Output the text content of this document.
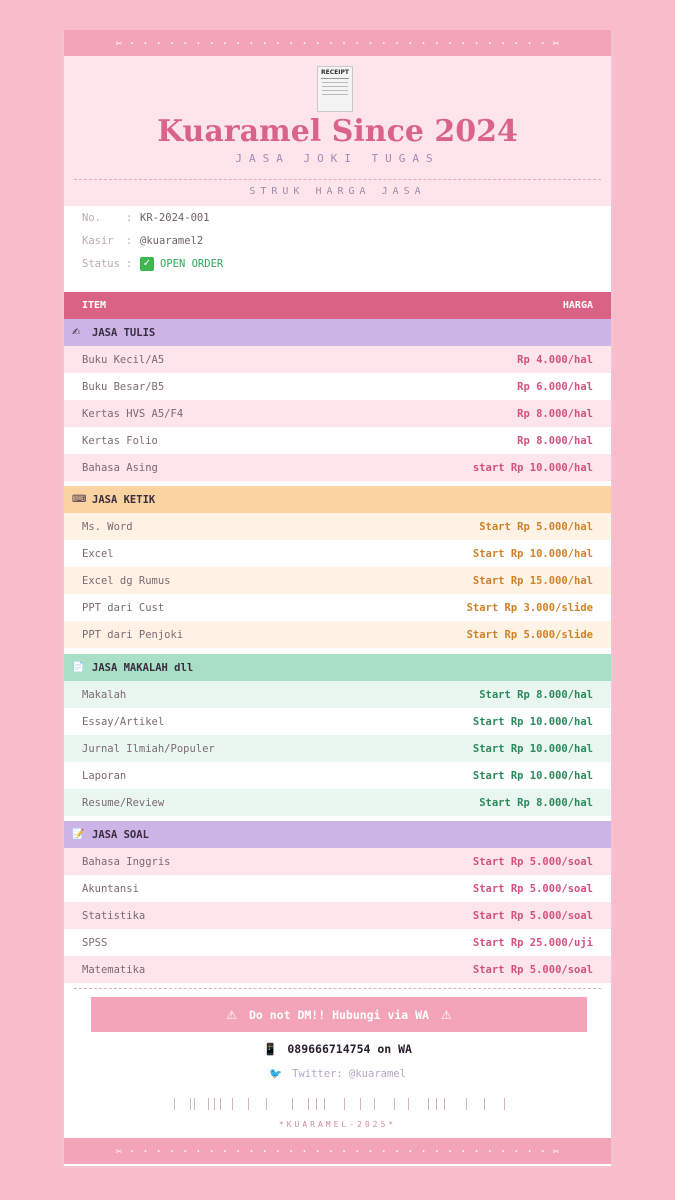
✂ · · · · · · · · · · · · · · · · · · · · · · · · · · · · · · · · ✂
RECEIPT
Kuaramel Since 2024
JASA JOKI TUGAS
STRUK HARGA JASA
No.	: KR-2024-001
Kasir	: @kuaramel2
Status :	✓ OPEN ORDER
ITEM	HARGA
✍	JASA TULIS
Buku Kecil/A5	Rp 4.000/hal
Buku Besar/B5	Rp 6.000/hal
Kertas HVS A5/F4	Rp 8.000/hal
Kertas Folio	Rp 8.000/hal
Bahasa Asing	start Rp 10.000/hal
⌨ JASA KETIK
Ms. Word	Start Rp 5.000/hal
Excel	Start Rp 10.000/hal
Excel dg Rumus	Start Rp 15.000/hal
PPT dari Cust	Start Rp 3.000/slide
PPT dari Penjoki	Start Rp 5.000/slide
📄 JASA MAKALAH dll
Makalah	Start Rp 8.000/hal
Essay/Artikel	Start Rp 10.000/hal
Jurnal Ilmiah/Populer	Start Rp 10.000/hal
Laporan	Start Rp 10.000/hal
Resume/Review	Start Rp 8.000/hal
📝 JASA SOAL
Bahasa Inggris	Start Rp 5.000/soal
Akuntansi	Start Rp 5.000/soal
Statistika	Start Rp 5.000/soal
SPSS	Start Rp 25.000/uji
Matematika	Start Rp 5.000/soal
⚠ Do not DM!! Hubungi via WA ⚠
📱 089666714754 on WA
🐦 Twitter: @kuaramel
*KUARAMEL-2025*
✂ · · · · · · · · · · · · · · · · · · · · · · · · · · · · · · · · ✂
